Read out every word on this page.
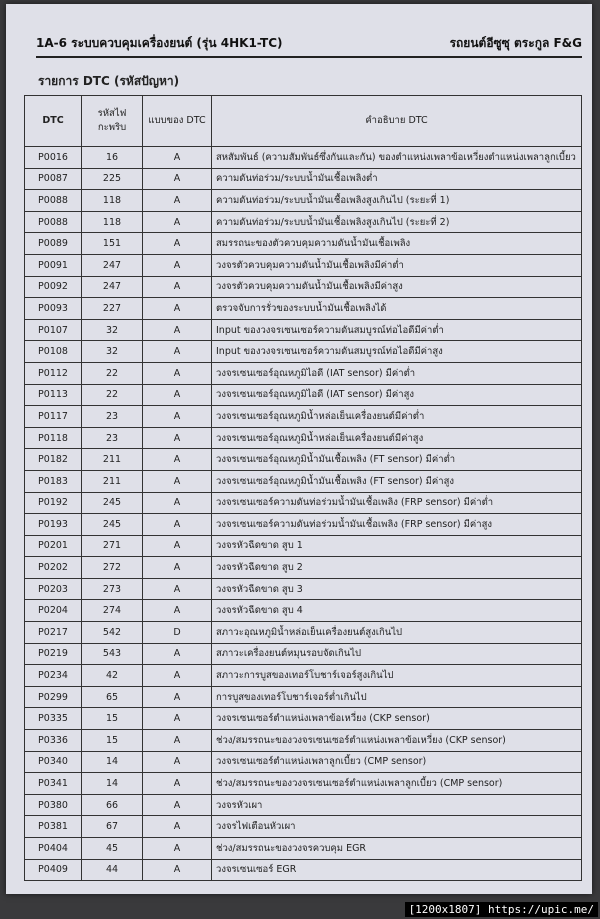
1A-6 ระบบควบคุมเครื่องยนต์ (รุ่น 4HK1-TC)	รถยนต์อีซูซุ ตระกูล F&G
รายการ DTC (รหัสปัญหา)
DTC	รหัสไฟ กะพริบ	แบบของ DTC	คำอธิบาย DTC
P0016	16	A	สหสัมพันธ์ (ความสัมพันธ์ซึ่งกันและกัน) ของตำแหน่งเพลาข้อเหวี่ยงตำแหน่งเพลาลูกเบี้ยว
P0087	225	A	ความดันท่อร่วม/ระบบน้ำมันเชื้อเพลิงต่ำ
P0088	118	A	ความดันท่อร่วม/ระบบน้ำมันเชื้อเพลิงสูงเกินไป (ระยะที่ 1)
P0088	118	A	ความดันท่อร่วม/ระบบน้ำมันเชื้อเพลิงสูงเกินไป (ระยะที่ 2)
P0089	151	A	สมรรถนะของตัวควบคุมความดันน้ำมันเชื้อเพลิง
P0091	247	A	วงจรตัวควบคุมความดันน้ำมันเชื้อเพลิงมีค่าต่ำ
P0092	247	A	วงจรตัวควบคุมความดันน้ำมันเชื้อเพลิงมีค่าสูง
P0093	227	A	ตรวจจับการรั่วของระบบน้ำมันเชื้อเพลิงได้
P0107	32	A	Input ของวงจรเซนเซอร์ความดันสมบูรณ์ท่อไอดีมีค่าต่ำ
P0108	32	A	Input ของวงจรเซนเซอร์ความดันสมบูรณ์ท่อไอดีมีค่าสูง
P0112	22	A	วงจรเซนเซอร์อุณหภูมิไอดี (IAT sensor) มีค่าต่ำ
P0113	22	A	วงจรเซนเซอร์อุณหภูมิไอดี (IAT sensor) มีค่าสูง
P0117	23	A	วงจรเซนเซอร์อุณหภูมิน้ำหล่อเย็นเครื่องยนต์มีค่าต่ำ
P0118	23	A	วงจรเซนเซอร์อุณหภูมิน้ำหล่อเย็นเครื่องยนต์มีค่าสูง
P0182	211	A	วงจรเซนเซอร์อุณหภูมิน้ำมันเชื้อเพลิง (FT sensor) มีค่าต่ำ
P0183	211	A	วงจรเซนเซอร์อุณหภูมิน้ำมันเชื้อเพลิง (FT sensor) มีค่าสูง
P0192	245	A	วงจรเซนเซอร์ความดันท่อร่วมน้ำมันเชื้อเพลิง (FRP sensor) มีค่าต่ำ
P0193	245	A	วงจรเซนเซอร์ความดันท่อร่วมน้ำมันเชื้อเพลิง (FRP sensor) มีค่าสูง
P0201	271	A	วงจรหัวฉีดขาด สูบ 1
P0202	272	A	วงจรหัวฉีดขาด สูบ 2
P0203	273	A	วงจรหัวฉีดขาด สูบ 3
P0204	274	A	วงจรหัวฉีดขาด สูบ 4
P0217	542	D	สภาวะอุณหภูมิน้ำหล่อเย็นเครื่องยนต์สูงเกินไป
P0219	543	A	สภาวะเครื่องยนต์หมุนรอบจัดเกินไป
P0234	42	A	สภาวะการบูสของเทอร์โบชาร์เจอร์สูงเกินไป
P0299	65	A	การบูสของเทอร์โบชาร์เจอร์ต่ำเกินไป
P0335	15	A	วงจรเซนเซอร์ตำแหน่งเพลาข้อเหวี่ยง (CKP sensor)
P0336	15	A	ช่วง/สมรรถนะของวงจรเซนเซอร์ตำแหน่งเพลาข้อเหวี่ยง (CKP sensor)
P0340	14	A	วงจรเซนเซอร์ตำแหน่งเพลาลูกเบี้ยว (CMP sensor)
P0341	14	A	ช่วง/สมรรถนะของวงจรเซนเซอร์ตำแหน่งเพลาลูกเบี้ยว (CMP sensor)
P0380	66	A	วงจรหัวเผา
P0381	67	A	วงจรไฟเตือนหัวเผา
P0404	45	A	ช่วง/สมรรถนะของวงจรควบคุม EGR
P0409	44	A	วงจรเซนเซอร์ EGR
[1200x1807] https://upic.me/
